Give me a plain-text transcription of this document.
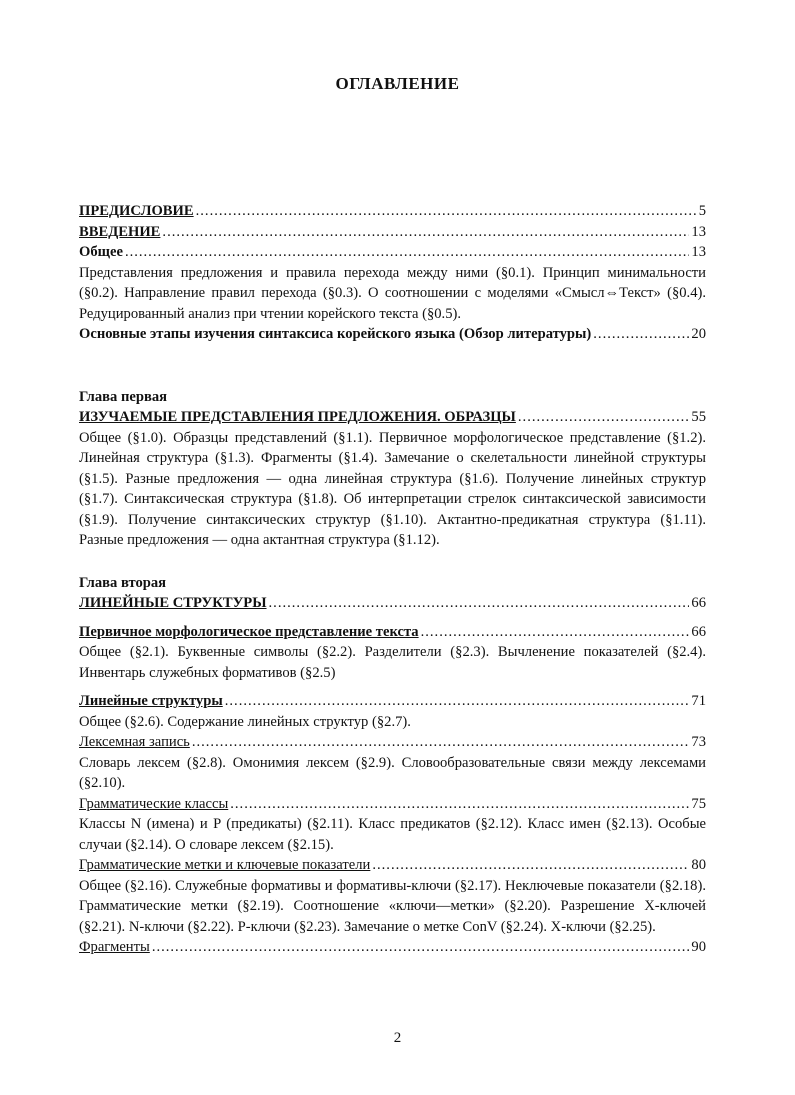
ОГЛАВЛЕНИЕ
ПРЕДИСЛОВИЕ .....	5
ВВЕДЕНИЕ .....	13
Общее .....	13

Представления предложения и правила перехода между ними (§0.1). Принцип минимальности (§0.2). Направление правил перехода (§0.3). О соотношении с моделями «Смысл⇔Текст» (§0.4). Редуцированный анализ при чтении корейского текста (§0.5).

Основные этапы изучения синтаксиса корейского языка (Обзор литературы) .....	20
Глава первая
ИЗУЧАЕМЫЕ ПРЕДСТАВЛЕНИЯ ПРЕДЛОЖЕНИЯ. ОБРАЗЦЫ .....	55

Общее (§1.0). Образцы представлений (§1.1). Первичное морфологическое представление (§1.2). Линейная структура (§1.3). Фрагменты (§1.4). Замечание о скелетальности линейной структуры (§1.5). Разные предложения — одна линейная структура (§1.6). Получение линейных структур (§1.7). Синтаксическая структура (§1.8). Об интерпретации стрелок синтаксической зависимости (§1.9). Получение синтаксических структур (§1.10). Актантно-предикатная структура (§1.11). Разные предложения — одна актантная структура (§1.12).

Глава вторая
ЛИНЕЙНЫЕ СТРУКТУРЫ .....	66
Первичное морфологическое представление текста .....	66

Общее (§2.1). Буквенные символы (§2.2). Разделители (§2.3). Вычленение показателей (§2.4). Инвентарь служебных формативов (§2.5)

Линейные структуры .....	71

Общее (§2.6). Содержание линейных структур (§2.7).

Лексемная запись .....	73

Словарь лексем (§2.8). Омонимия лексем (§2.9). Словообразовательные связи между лексемами (§2.10).

Грамматические классы .....	75

Классы N (имена) и P (предикаты) (§2.11). Класс предикатов (§2.12). Класс имен (§2.13). Особые случаи (§2.14). О словаре лексем (§2.15).

Грамматические метки и ключевые показатели .....	80

Общее (§2.16). Служебные формативы и формативы-ключи (§2.17). Неключевые показатели (§2.18). Грамматические метки (§2.19). Соотношение «ключи—метки» (§2.20). Разрешение X-ключей (§2.21). N-ключи (§2.22). P-ключи (§2.23). Замечание о метке ConV (§2.24). X-ключи (§2.25).

Фрагменты .....	90
2
